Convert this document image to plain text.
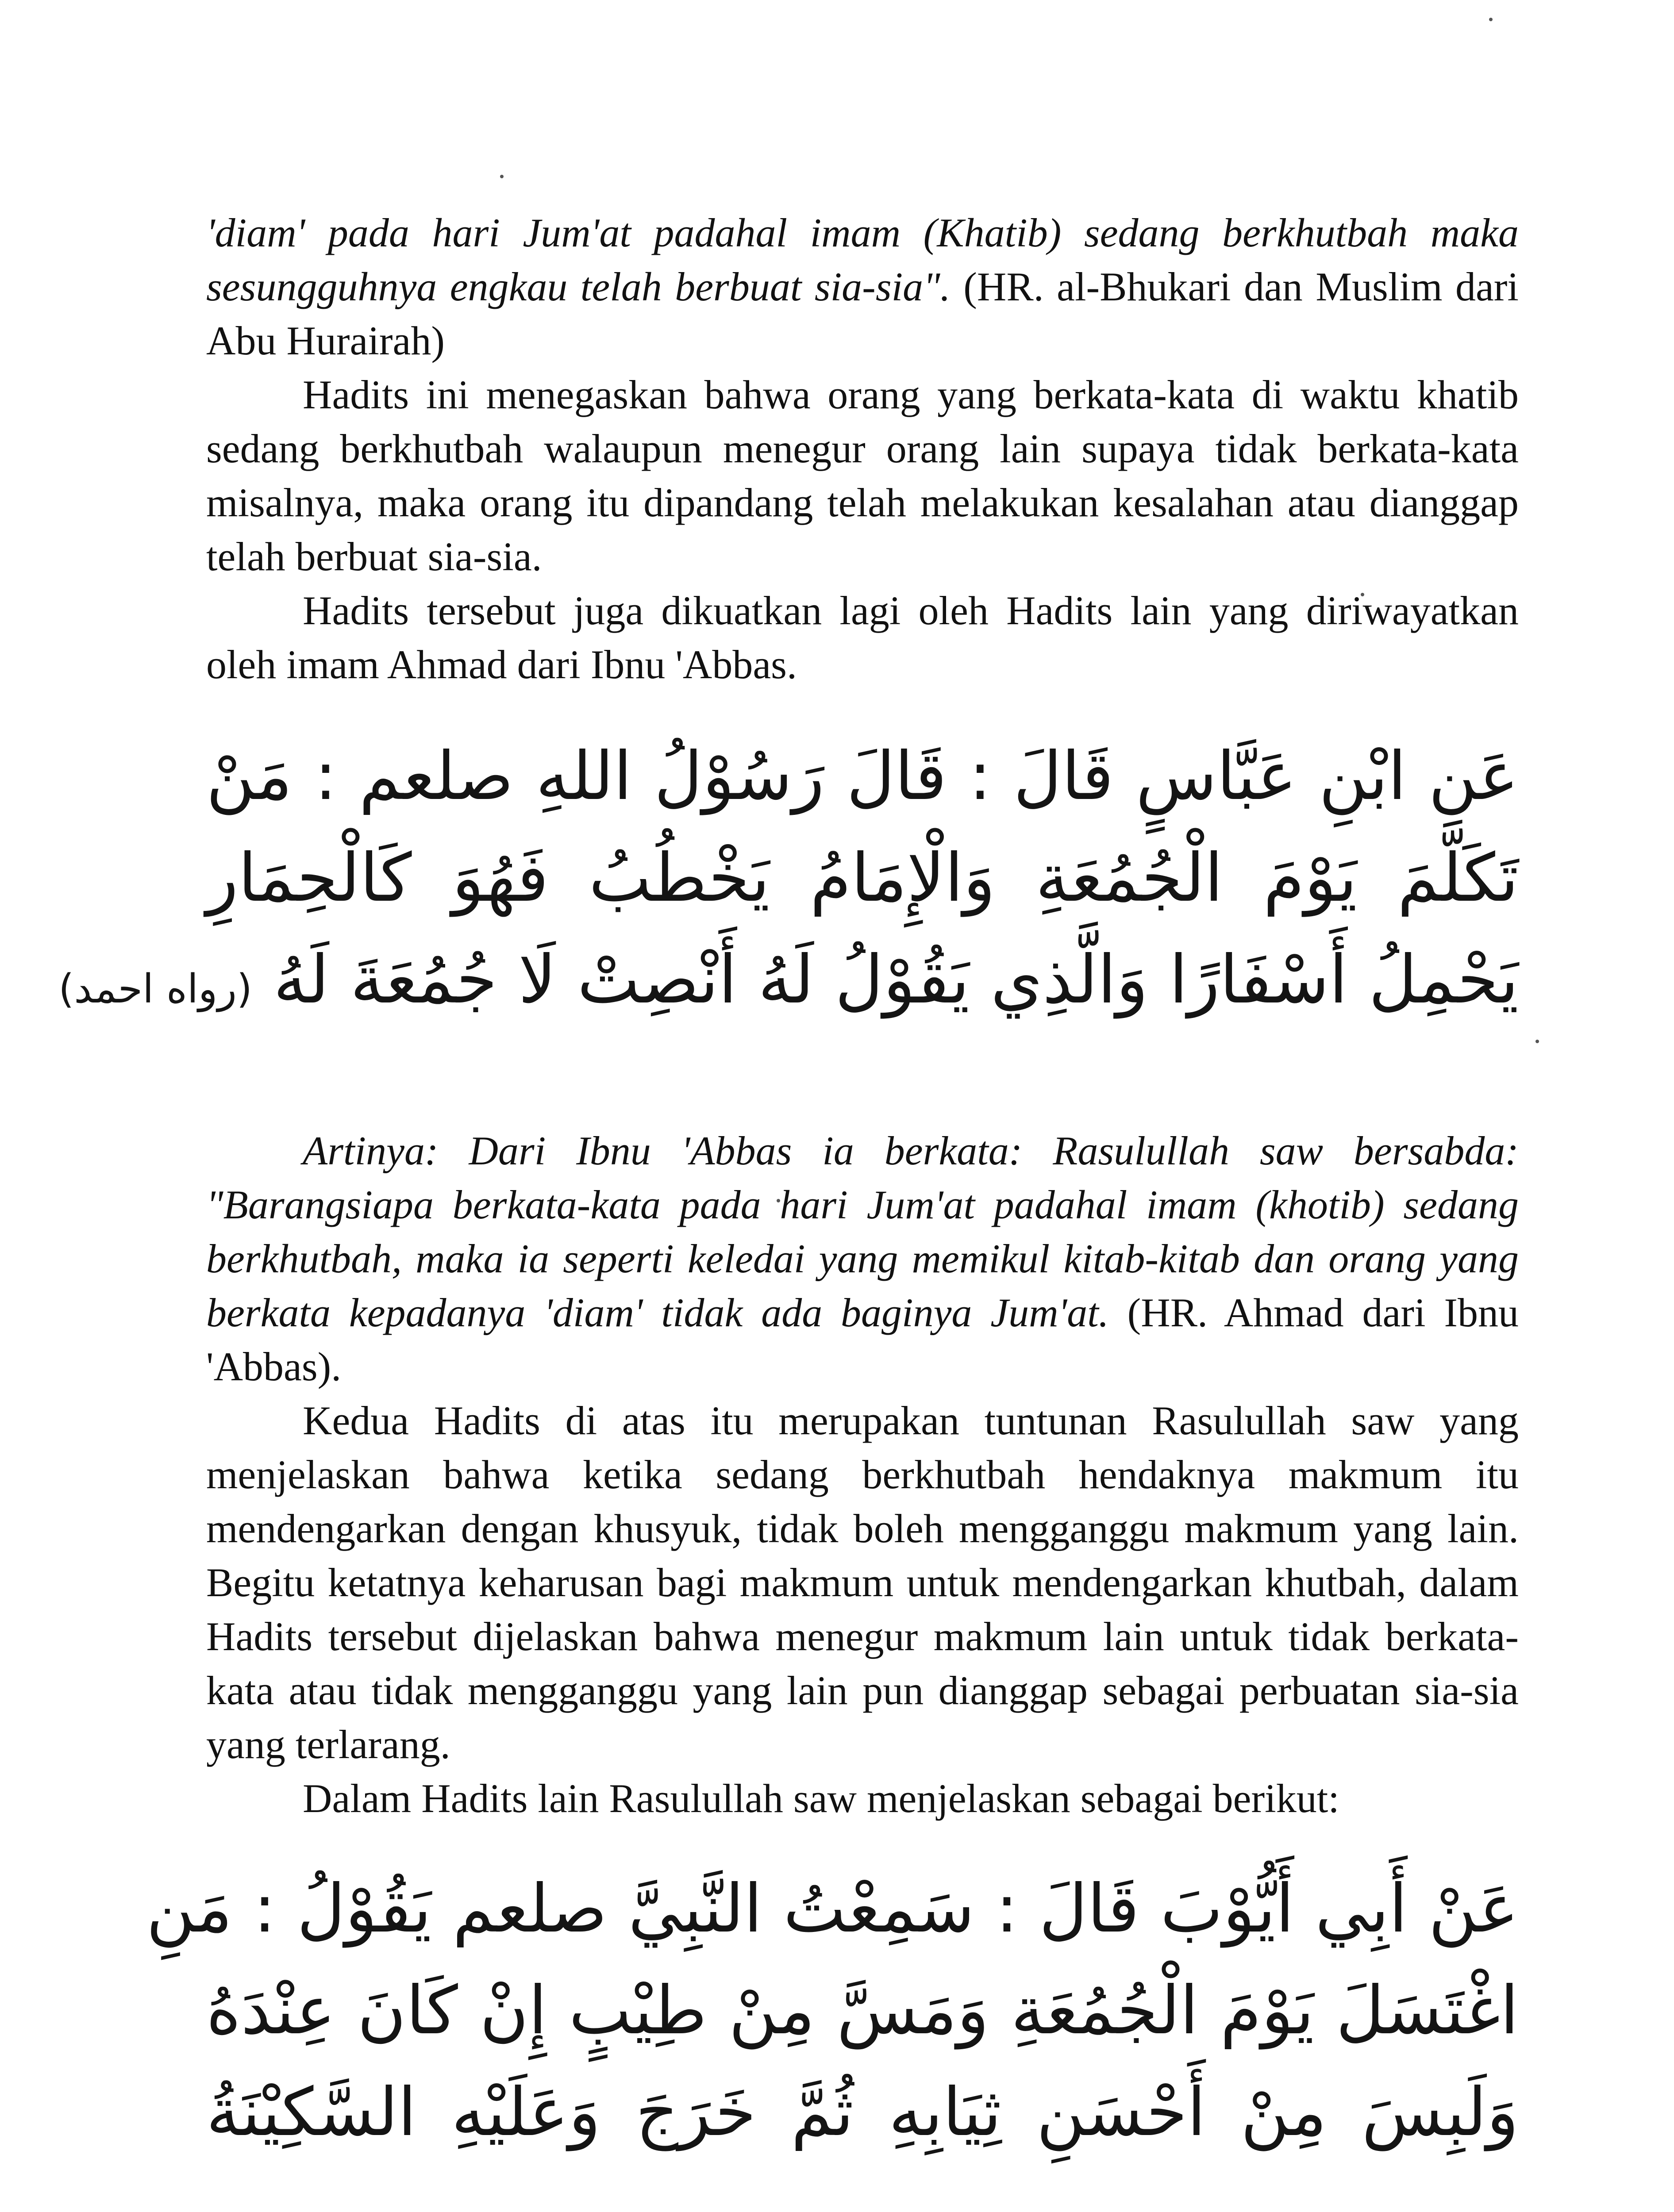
'diam' pada hari Jum'at padahal imam (Khatib) sedang berkhutbah maka sesungguhnya engkau telah berbuat sia-sia". (HR. al-Bhukari dan Muslim dari Abu Hurairah)

Hadits ini menegaskan bahwa orang yang berkata-kata di waktu khatib sedang berkhutbah walaupun menegur orang lain supaya tidak berkata-kata misalnya, maka orang itu dipandang telah melakukan kesalahan atau dianggap telah berbuat sia-sia.

Hadits tersebut juga dikuatkan lagi oleh Hadits lain yang diriwayatkan oleh imam Ahmad dari Ibnu 'Abbas.

عَنِ ابْنِ عَبَّاسٍ قَالَ : قَالَ رَسُوْلُ اللهِ صلعم : مَنْ
تَكَلَّمَ يَوْمَ الْجُمُعَةِ وَالْإِمَامُ يَخْطُبُ فَهُوَ كَالْحِمَارِ
يَحْمِلُ أَسْفَارًا وَالَّذِي يَقُوْلُ لَهُ أَنْصِتْ لَا جُمُعَةَ لَهُ (رواه احمد)

Artinya: Dari Ibnu 'Abbas ia berkata: Rasulullah saw bersabda: "Barangsiapa berkata-kata pada hari Jum'at padahal imam (khotib) sedang berkhutbah, maka ia seperti keledai yang memikul kitab-kitab dan orang yang berkata kepadanya 'diam' tidak ada baginya Jum'at. (HR. Ahmad dari Ibnu 'Abbas).

Kedua Hadits di atas itu merupakan tuntunan Rasulullah saw yang menjelaskan bahwa ketika sedang berkhutbah hendaknya makmum itu mendengarkan dengan khusyuk, tidak boleh mengganggu makmum yang lain. Begitu ketatnya keharusan bagi makmum untuk mendengarkan khutbah, dalam Hadits tersebut dijelaskan bahwa menegur makmum lain untuk tidak berkata-kata atau tidak mengganggu yang lain pun dianggap sebagai perbuatan sia-sia yang terlarang.

Dalam Hadits lain Rasulullah saw menjelaskan sebagai berikut:

عَنْ أَبِي أَيُّوْبَ قَالَ : سَمِعْتُ النَّبِيَّ صلعم يَقُوْلُ : مَنِ
اغْتَسَلَ يَوْمَ الْجُمُعَةِ وَمَسَّ مِنْ طِيْبٍ إِنْ كَانَ عِنْدَهُ
وَلَبِسَ مِنْ أَحْسَنِ ثِيَابِهِ ثُمَّ خَرَجَ وَعَلَيْهِ السَّكِيْنَةُ
